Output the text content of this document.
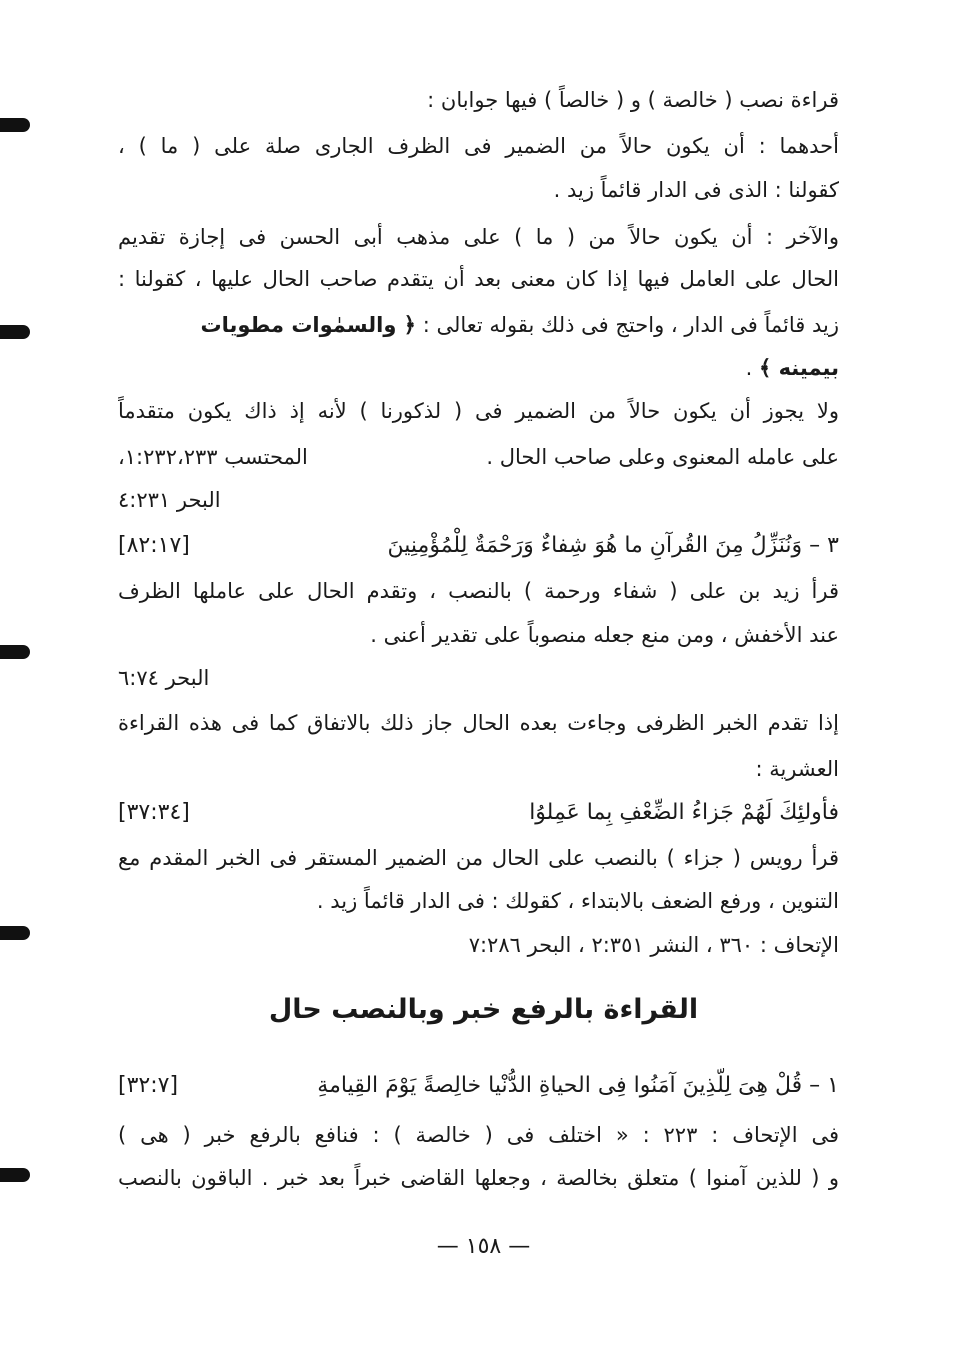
قراءة نصب ( خالصة ) و ( خالصاً ) فيها جوابان :
أحدهما : أن يكون حالاً من الضمير فى الظرف الجارى صلة على ( ما ) ،
كقولنا : الذى فى الدار قائماً زيد .
والآخر : أن يكون حالاً من ( ما ) على مذهب أبى الحسن فى إجازة تقديم
الحال على العامل فيها إذا كان معنى بعد أن يتقدم صاحب الحال عليها ، كقولنا :
زيد قائماً فى الدار ، واحتج فى ذلك بقوله تعالى : ﴿ والسمٰوات مطويات
بيمينه ﴾ .
ولا يجوز أن يكون حالاً من الضمير فى ( لذكورنا ) لأنه إذ ذاك يكون متقدماً
على عامله المعنوى وعلى صاحب الحال .
المحتسب ١:٢٣٢،٢٣٣،
البحر ٤:٢٣١
٣ – وَنُنَزِّلُ مِنَ القُرآنِ ما هُوَ شِفاءٌ وَرَحْمَةٌ لِلْمُؤْمِنِينَ
[٨٢:١٧]
قرأ زيد بن على ( شفاء ورحمة ) بالنصب ، وتقدم الحال على عاملها الظرف
عند الأخفش ، ومن منع جعله منصوباً على تقدير أعنى .
البحر ٦:٧٤
إذا تقدم الخبر الظرفى وجاءت بعده الحال جاز ذلك بالاتفاق كما فى هذه القراءة
العشرية :
فأولئِكَ لَهُمْ جَزاءُ الضِّعْفِ بِما عَمِلوُا
[٣٧:٣٤]
قرأ رويس ( جزاء ) بالنصب على الحال من الضمير المستقر فى الخبر المقدم مع
التنوين ، ورفع الضعف بالابتداء ، كقولك : فى الدار قائماً زيد .
الإتحاف : ٣٦٠ ، النشر ٢:٣٥١ ، البحر ٧:٢٨٦
القراءة بالرفع خبر وبالنصب حال
١ – قُلْ هِىَ لِلّذِينَ آمَنُوا فِى الحياةِ الدُّنْيا خالِصةً يَوْمَ القِيامةِ
[٣٢:٧]
فى الإتحاف : ٢٢٣ : « اختلف فى ( خالصة ) : فنافع بالرفع خبر ( هى )
و ( للذين آمنوا ) متعلق بخالصة ، وجعلها القاضى خبراً بعد خبر . الباقون بالنصب
— ١٥٨ —
